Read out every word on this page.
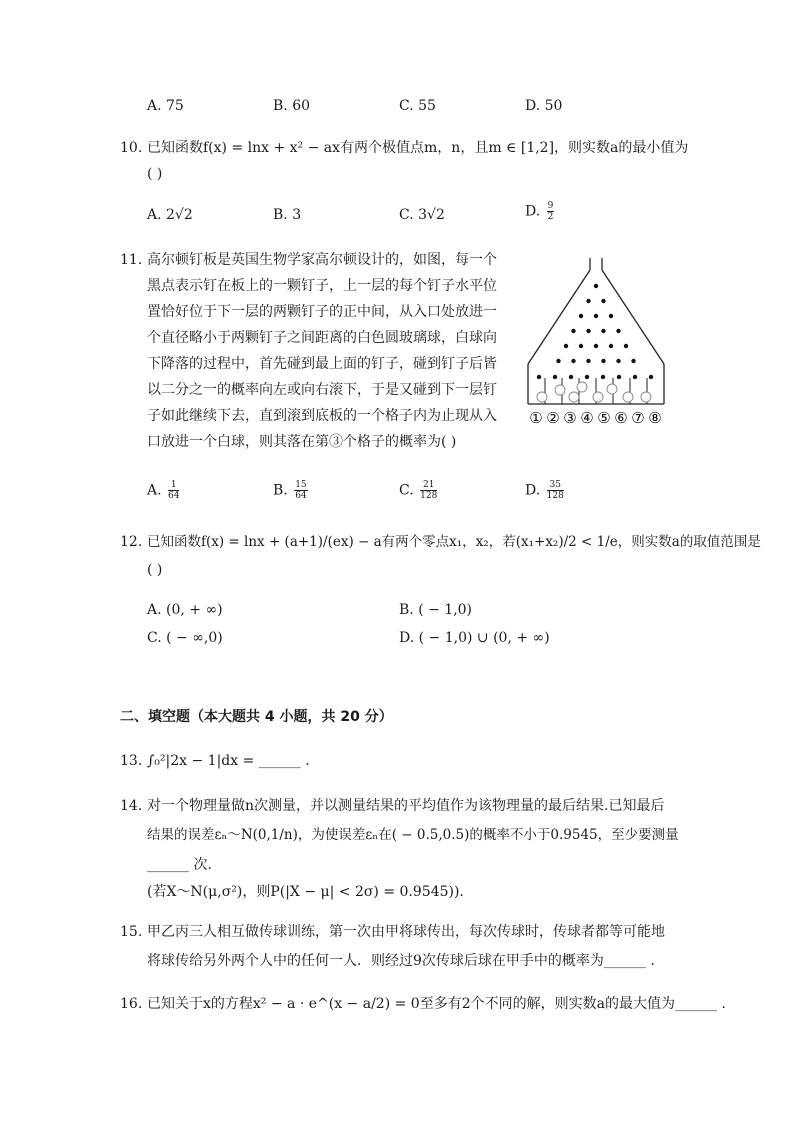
A. 75	B. 60	C. 55	D. 50
10. 已知函数f(x) = lnx + x² − ax有两个极值点m，n，且m ∈ [1,2]，则实数a的最小值为
( )
A. 2√2	B. 3	C. 3√2	D. $\frac{9}{2}$
11. 高尔顿钉板是英国生物学家高尔顿设计的，如图，每一个
黑点表示钉在板上的一颗钉子，上一层的每个钉子水平位
置恰好位于下一层的两颗钉子的正中间，从入口处放进一
个直径略小于两颗钉子之间距离的白色圆玻璃球，白球向
下降落的过程中，首先碰到最上面的钉子，碰到钉子后皆
以二分之一的概率向左或向右滚下，于是又碰到下一层钉
子如此继续下去，直到滚到底板的一个格子内为止现从入
口放进一个白球，则其落在第③个格子的概率为( )
① ② ③ ④ ⑤ ⑥ ⑦ ⑧
A. $\frac{1}{64}$	B. $\frac{15}{64}$	C. $\frac{21}{128}$	D. $\frac{35}{128}$
12. 已知函数f(x) = lnx + (a+1)/(ex) − a有两个零点x₁，x₂，若(x₁+x₂)/2 < 1/e，则实数a的取值范围是
( )
A. (0, + ∞)	B. ( − 1,0)
C. ( − ∞,0)	D. ( − 1,0) ∪ (0, + ∞)
二、填空题（本大题共 4 小题，共 20 分）
13. ∫₀²|2x − 1|dx = ______ .
14. 对一个物理量做n次测量，并以测量结果的平均值作为该物理量的最后结果.已知最后
结果的误差εₙ～N(0,1/n)，为使误差εₙ在( − 0.5,0.5)的概率不小于0.9545，至少要测量
______ 次.
(若X～N(μ,σ²)，则P(|X − μ| < 2σ) = 0.9545)).
15. 甲乙丙三人相互做传球训练，第一次由甲将球传出，每次传球时，传球者都等可能地
将球传给另外两个人中的任何一人．则经过9次传球后球在甲手中的概率为______ .
16. 已知关于x的方程x² − a · e^(x − a/2) = 0至多有2个不同的解，则实数a的最大值为______ .
